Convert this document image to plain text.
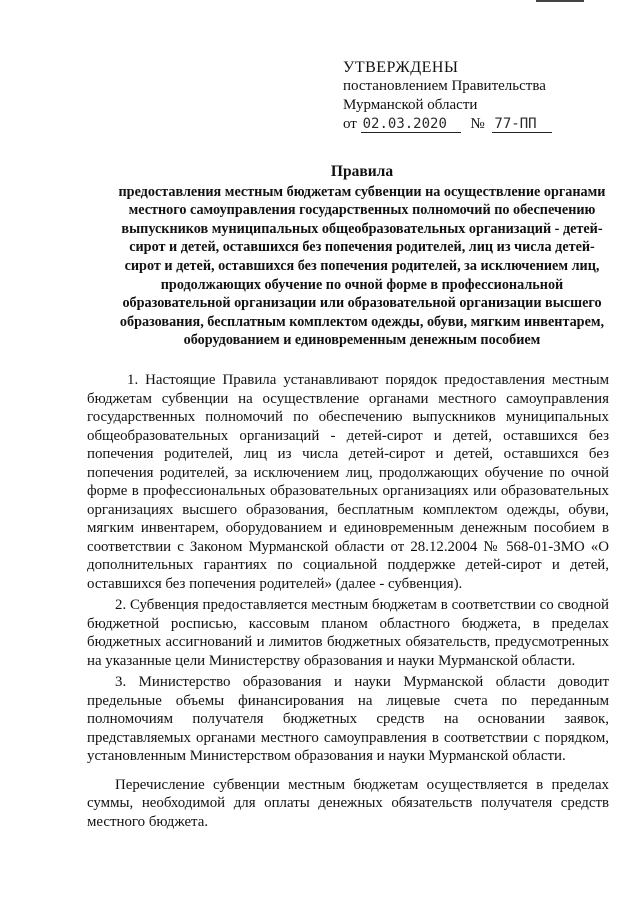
УТВЕРЖДЕНЫ
постановлением Правительства
Мурманской области
от 02.03.2020 № 77-ПП
Правила
предоставления местным бюджетам субвенции на осуществление органами местного самоуправления государственных полномочий по обеспечению выпускников муниципальных общеобразовательных организаций - детей-сирот и детей, оставшихся без попечения родителей, лиц из числа детей-сирот и детей, оставшихся без попечения родителей, за исключением лиц, продолжающих обучение по очной форме в профессиональной образовательной организации или образовательной организации высшего образования, бесплатным комплектом одежды, обуви, мягким инвентарем, оборудованием и единовременным денежным пособием

1. Настоящие Правила устанавливают порядок предоставления местным бюджетам субвенции на осуществление органами местного самоуправления государственных полномочий по обеспечению выпускников муниципальных общеобразовательных организаций - детей-сирот и детей, оставшихся без попечения родителей, лиц из числа детей-сирот и детей, оставшихся без попечения родителей, за исключением лиц, продолжающих обучение по очной форме в профессиональных образовательных организациях или образовательных организациях высшего образования, бесплатным комплектом одежды, обуви, мягким инвентарем, оборудованием и единовременным денежным пособием в соответствии с Законом Мурманской области от 28.12.2004 № 568-01-ЗМО «О дополнительных гарантиях по социальной поддержке детей-сирот и детей, оставшихся без попечения родителей» (далее - субвенция).

2. Субвенция предоставляется местным бюджетам в соответствии со сводной бюджетной росписью, кассовым планом областного бюджета, в пределах бюджетных ассигнований и лимитов бюджетных обязательств, предусмотренных на указанные цели Министерству образования и науки Мурманской области.

3. Министерство образования и науки Мурманской области доводит предельные объемы финансирования на лицевые счета по переданным полномочиям получателя бюджетных средств на основании заявок, представляемых органами местного самоуправления в соответствии с порядком, установленным Министерством образования и науки Мурманской области.

Перечисление субвенции местным бюджетам осуществляется в пределах суммы, необходимой для оплаты денежных обязательств получателя средств местного бюджета.
